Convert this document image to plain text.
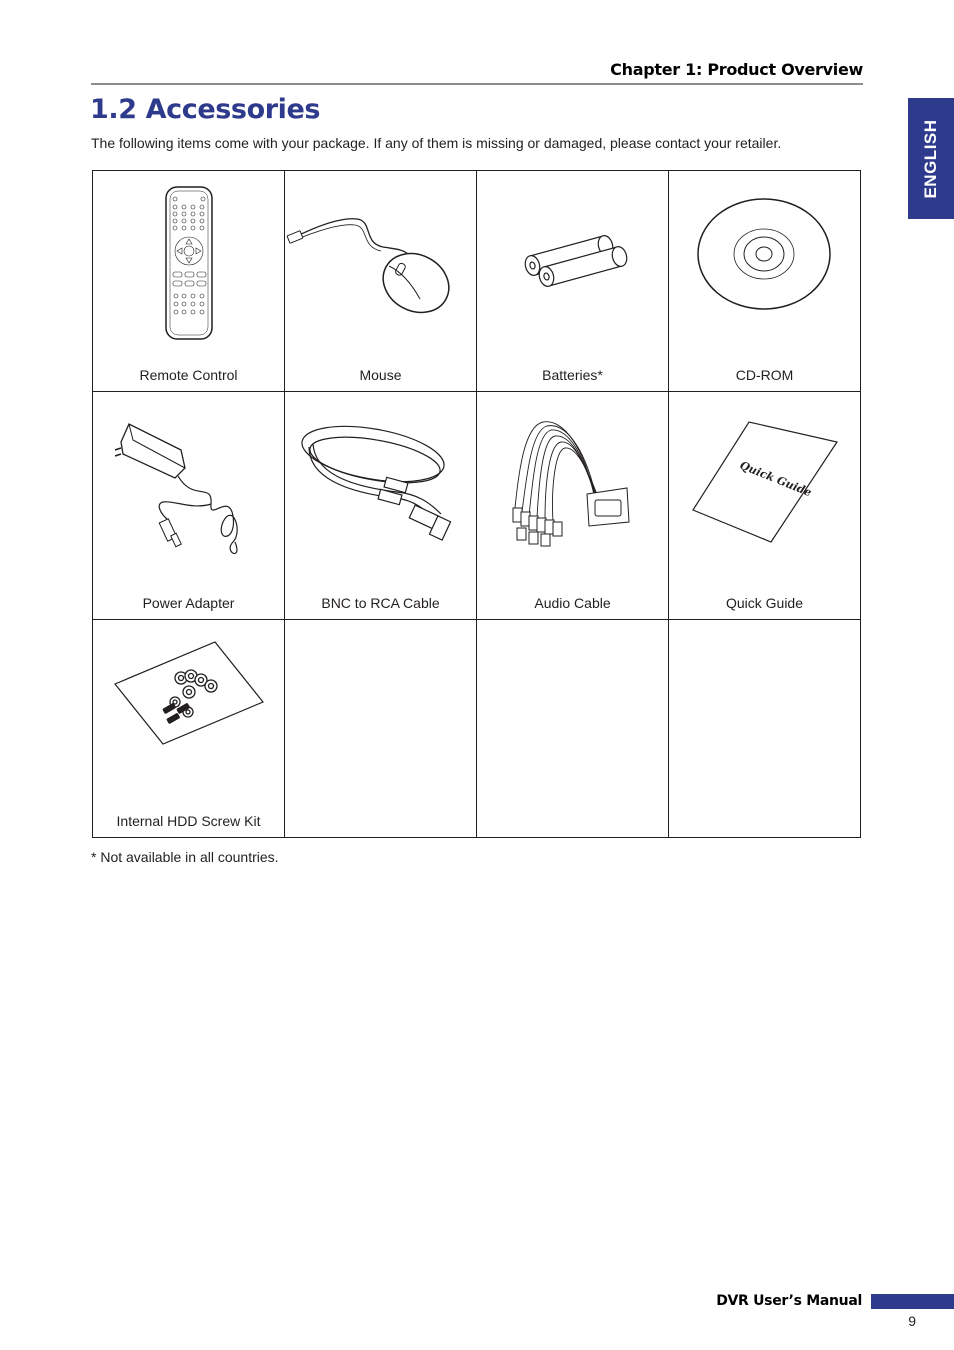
Chapter 1: Product Overview
ENGLISH
1.2 Accessories

The following items come with your package. If any of them is missing or damaged, please contact your retailer.

Remote Control	Mouse	Batteries*	CD-ROM

Power Adapter	BNC to RCA Cable	Audio Cable	Quick Guide
Quick Guide

Internal HDD Screw Kit			

* Not available in all countries.

DVR User’s Manual
9
